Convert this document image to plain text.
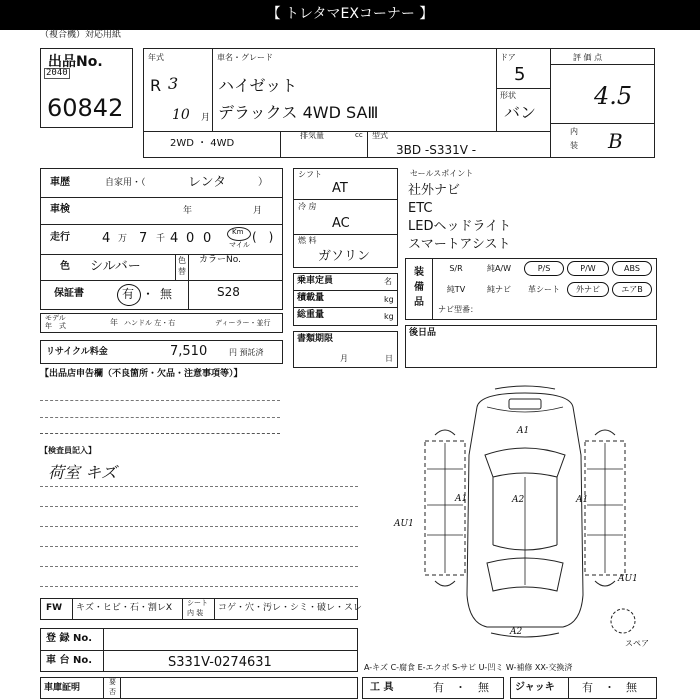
【 トレタマEXコーナー 】
（複合機）対応用紙
出品No.
2040
60842
年式
R 3
10 月
車名・グレード
ハイゼット
デラックス 4WD SAⅢ
ドア
5
形状
バン
評 価 点
4.5
内
装 B
2WD ・ 4WD
排気量	cc 型式
3BD -S331V -
車歴	自家用・（	レンタ	）
車検	年	月
走行 4 万 7 千 4 0 0	Km
マイル
(　)
色 シルバー	色
替
カラーNo.
保証書	有 ・ 無	S28
モデル
年　式	年 ハンドル 左・右	ディーラー・並行
リサイクル料金	7,510	円 預託済
シフト
AT
冷 房
AC
燃 料
ガソリン
乗車定員	名
積載量	kg
総重量	kg
書類期限
月	日
セールスポイント
社外ナビ
ETC
LEDヘッドライト
スマートアシスト
装
備
品
S/R	純A/W	P/S	P/W	ABS
純TV	純ナビ	革シート	外ナビ	エアB
ナビ型番：
後日品
【出品店申告欄（不良箇所・欠品・注意事項等）】
【検査員記入】
荷室 キズ
FW キズ・ヒビ・石・割レX シート
内 装 コゲ・穴・汚レ・シミ・破レ・スレ
登 録 No.
車 台 No.	S331V-0274631
車庫証明
要
否
A-キズ C-腐食 E-エクボ S-サビ U-凹ミ W-補修 XX-交換済
工 具	有 ・ 無	ジャッキ 有 ・ 無
A1
A1	A2	A1
AU1
AU1
A2
スペア
